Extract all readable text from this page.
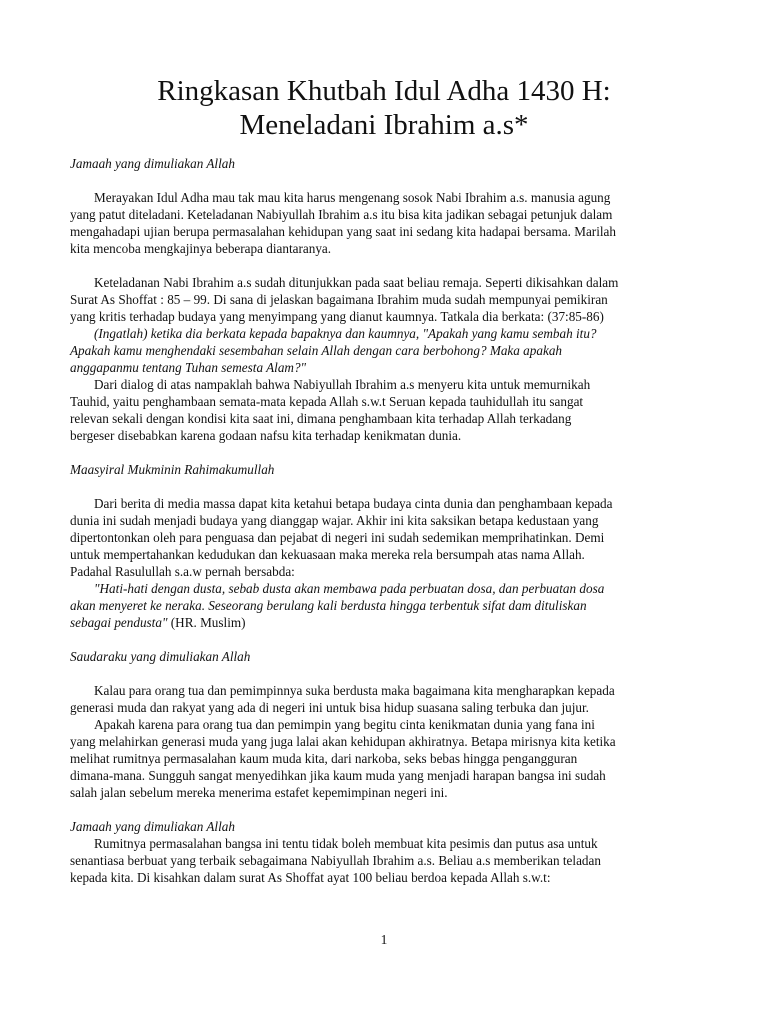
Ringkasan Khutbah Idul Adha 1430 H:
Meneladani Ibrahim a.s*

Jamaah yang dimuliakan Allah

Merayakan Idul Adha mau tak mau kita harus mengenang sosok Nabi Ibrahim a.s. manusia agung
yang patut diteladani. Keteladanan Nabiyullah Ibrahim a.s itu bisa kita jadikan sebagai petunjuk dalam
mengahadapi ujian berupa permasalahan kehidupan yang saat ini sedang kita hadapai bersama. Marilah
kita mencoba mengkajinya beberapa diantaranya.

Keteladanan Nabi Ibrahim a.s sudah ditunjukkan pada saat beliau remaja. Seperti dikisahkan dalam
Surat As Shoffat : 85 – 99. Di sana di jelaskan bagaimana Ibrahim muda sudah mempunyai pemikiran
yang kritis terhadap budaya yang menyimpang yang dianut kaumnya. Tatkala dia berkata: (37:85-86)

(Ingatlah) ketika dia berkata kepada bapaknya dan kaumnya, "Apakah yang kamu sembah itu?
Apakah kamu menghendaki sesembahan selain Allah dengan cara berbohong? Maka apakah
anggapanmu tentang Tuhan semesta Alam?"

Dari dialog di atas nampaklah bahwa Nabiyullah Ibrahim a.s menyeru kita untuk memurnikah
Tauhid, yaitu penghambaan semata-mata kepada Allah s.w.t Seruan kepada tauhidullah itu sangat
relevan sekali dengan kondisi kita saat ini, dimana penghambaan kita terhadap Allah terkadang
bergeser disebabkan karena godaan nafsu kita terhadap kenikmatan dunia.

Maasyiral Mukminin Rahimakumullah

Dari berita di media massa dapat kita ketahui betapa budaya cinta dunia dan penghambaan kepada
dunia ini sudah menjadi budaya yang dianggap wajar. Akhir ini kita saksikan betapa kedustaan yang
dipertontonkan oleh para penguasa dan pejabat di negeri ini sudah sedemikan memprihatinkan. Demi
untuk mempertahankan kedudukan dan kekuasaan maka mereka rela bersumpah atas nama Allah.
Padahal Rasulullah s.a.w pernah bersabda:

"Hati-hati dengan dusta, sebab dusta akan membawa pada perbuatan dosa, dan perbuatan dosa
akan menyeret ke neraka. Seseorang berulang kali berdusta hingga terbentuk sifat dam dituliskan
sebagai pendusta" (HR. Muslim)

Saudaraku yang dimuliakan Allah

Kalau para orang tua dan pemimpinnya suka berdusta maka bagaimana kita mengharapkan kepada
generasi muda dan rakyat yang ada di negeri ini untuk bisa hidup suasana saling terbuka dan jujur.

Apakah karena para orang tua dan pemimpin yang begitu cinta kenikmatan dunia yang fana ini
yang melahirkan generasi muda yang juga lalai akan kehidupan akhiratnya. Betapa mirisnya kita ketika
melihat rumitnya permasalahan kaum muda kita, dari narkoba, seks bebas hingga pengangguran
dimana-mana. Sungguh sangat menyedihkan jika kaum muda yang menjadi harapan bangsa ini sudah
salah jalan sebelum mereka menerima estafet kepemimpinan negeri ini.

Jamaah yang dimuliakan Allah

Rumitnya permasalahan bangsa ini tentu tidak boleh membuat kita pesimis dan putus asa untuk
senantiasa berbuat yang terbaik sebagaimana Nabiyullah Ibrahim a.s. Beliau a.s memberikan teladan
kepada kita. Di kisahkan dalam surat As Shoffat ayat 100 beliau berdoa kepada Allah s.w.t:

1
